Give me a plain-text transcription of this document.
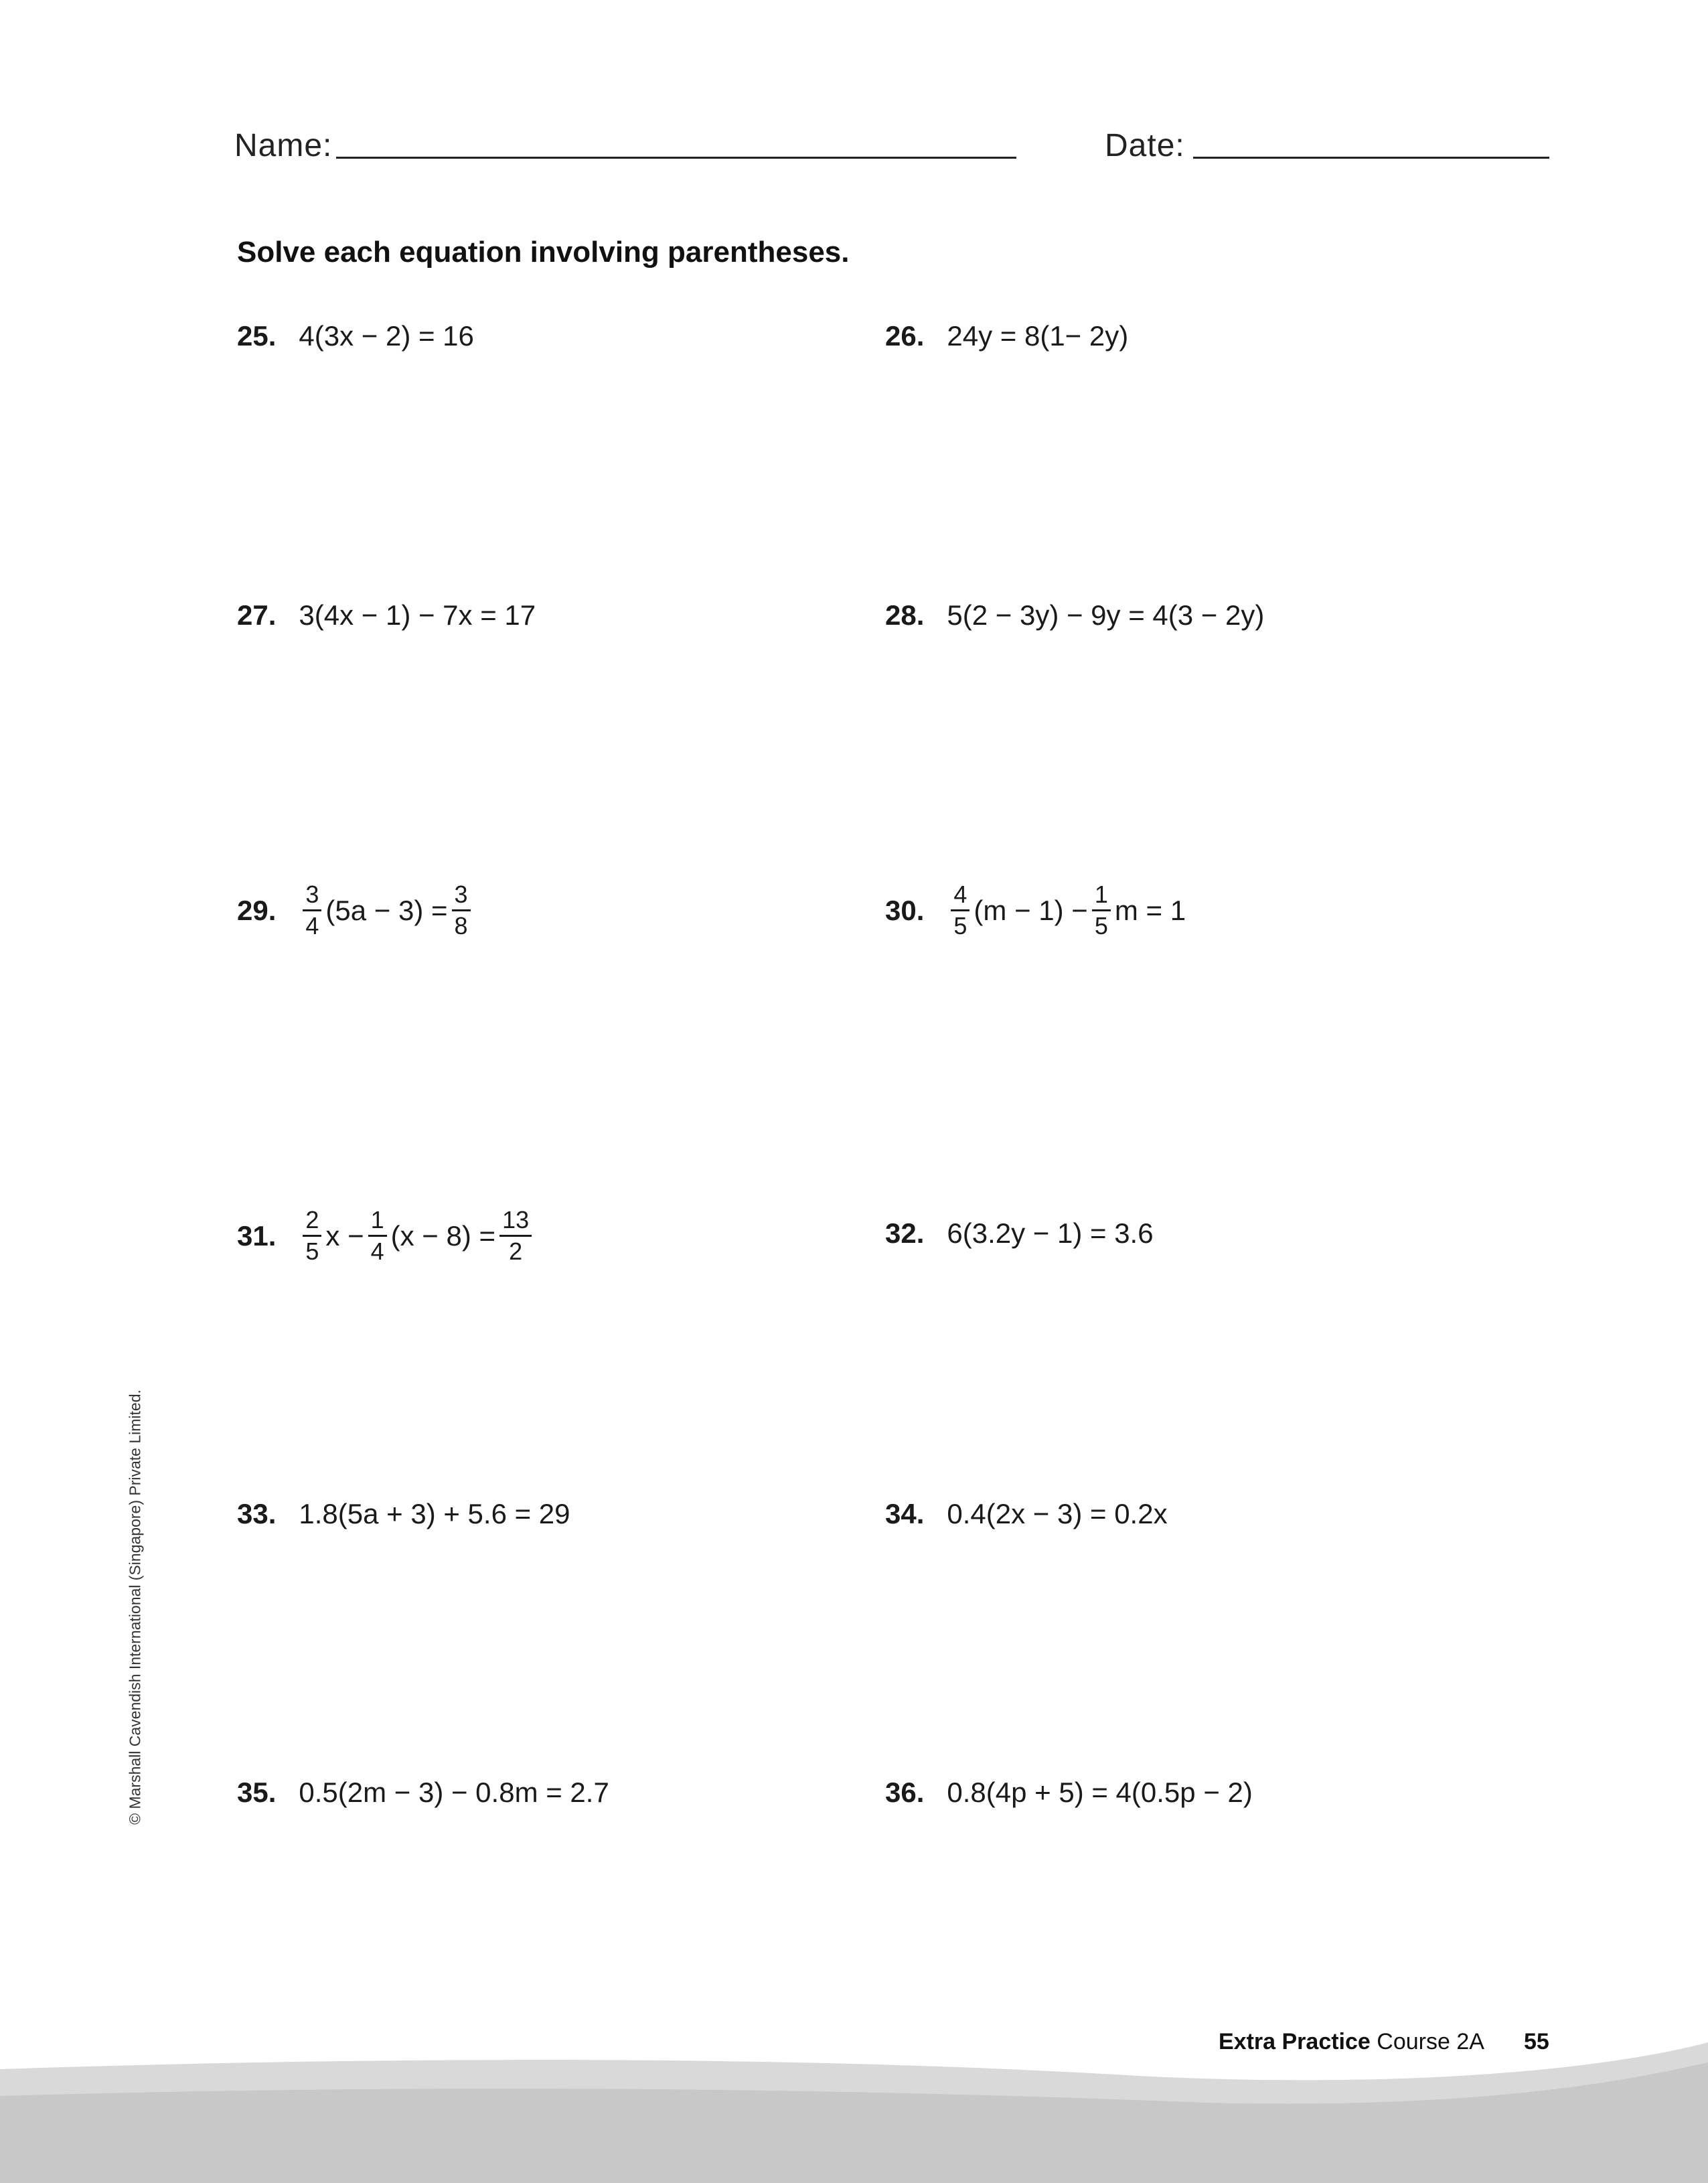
Name:	Date:
Solve each equation involving parentheses.
25. 4(3x − 2) = 16	26. 24y = 8(1− 2y)
27. 3(4x − 1) − 7x = 17	28. 5(2 − 3y) − 9y = 4(3 − 2y)
29. $\frac{3}{4} (5a - 3) = \frac{3}{8}$	30. $\frac{4}{5} (m - 1) - \frac{1}{5}$ m = 1
31. $\frac{2}{5}$ $x - \frac{1}{4} (x - 8) = \frac{13}{2}$	32. 6(3.2y − 1) = 3.6
33. 1.8(5a + 3) + 5.6 = 29	34. 0.4(2x − 3) = 0.2x
35. 0.5(2m − 3) − 0.8m = 2.7	36. 0.8(4p + 5) = 4(0.5p − 2)
© Marshall Cavendish International (Singapore) Private Limited.
Extra Practice Course 2A 55
